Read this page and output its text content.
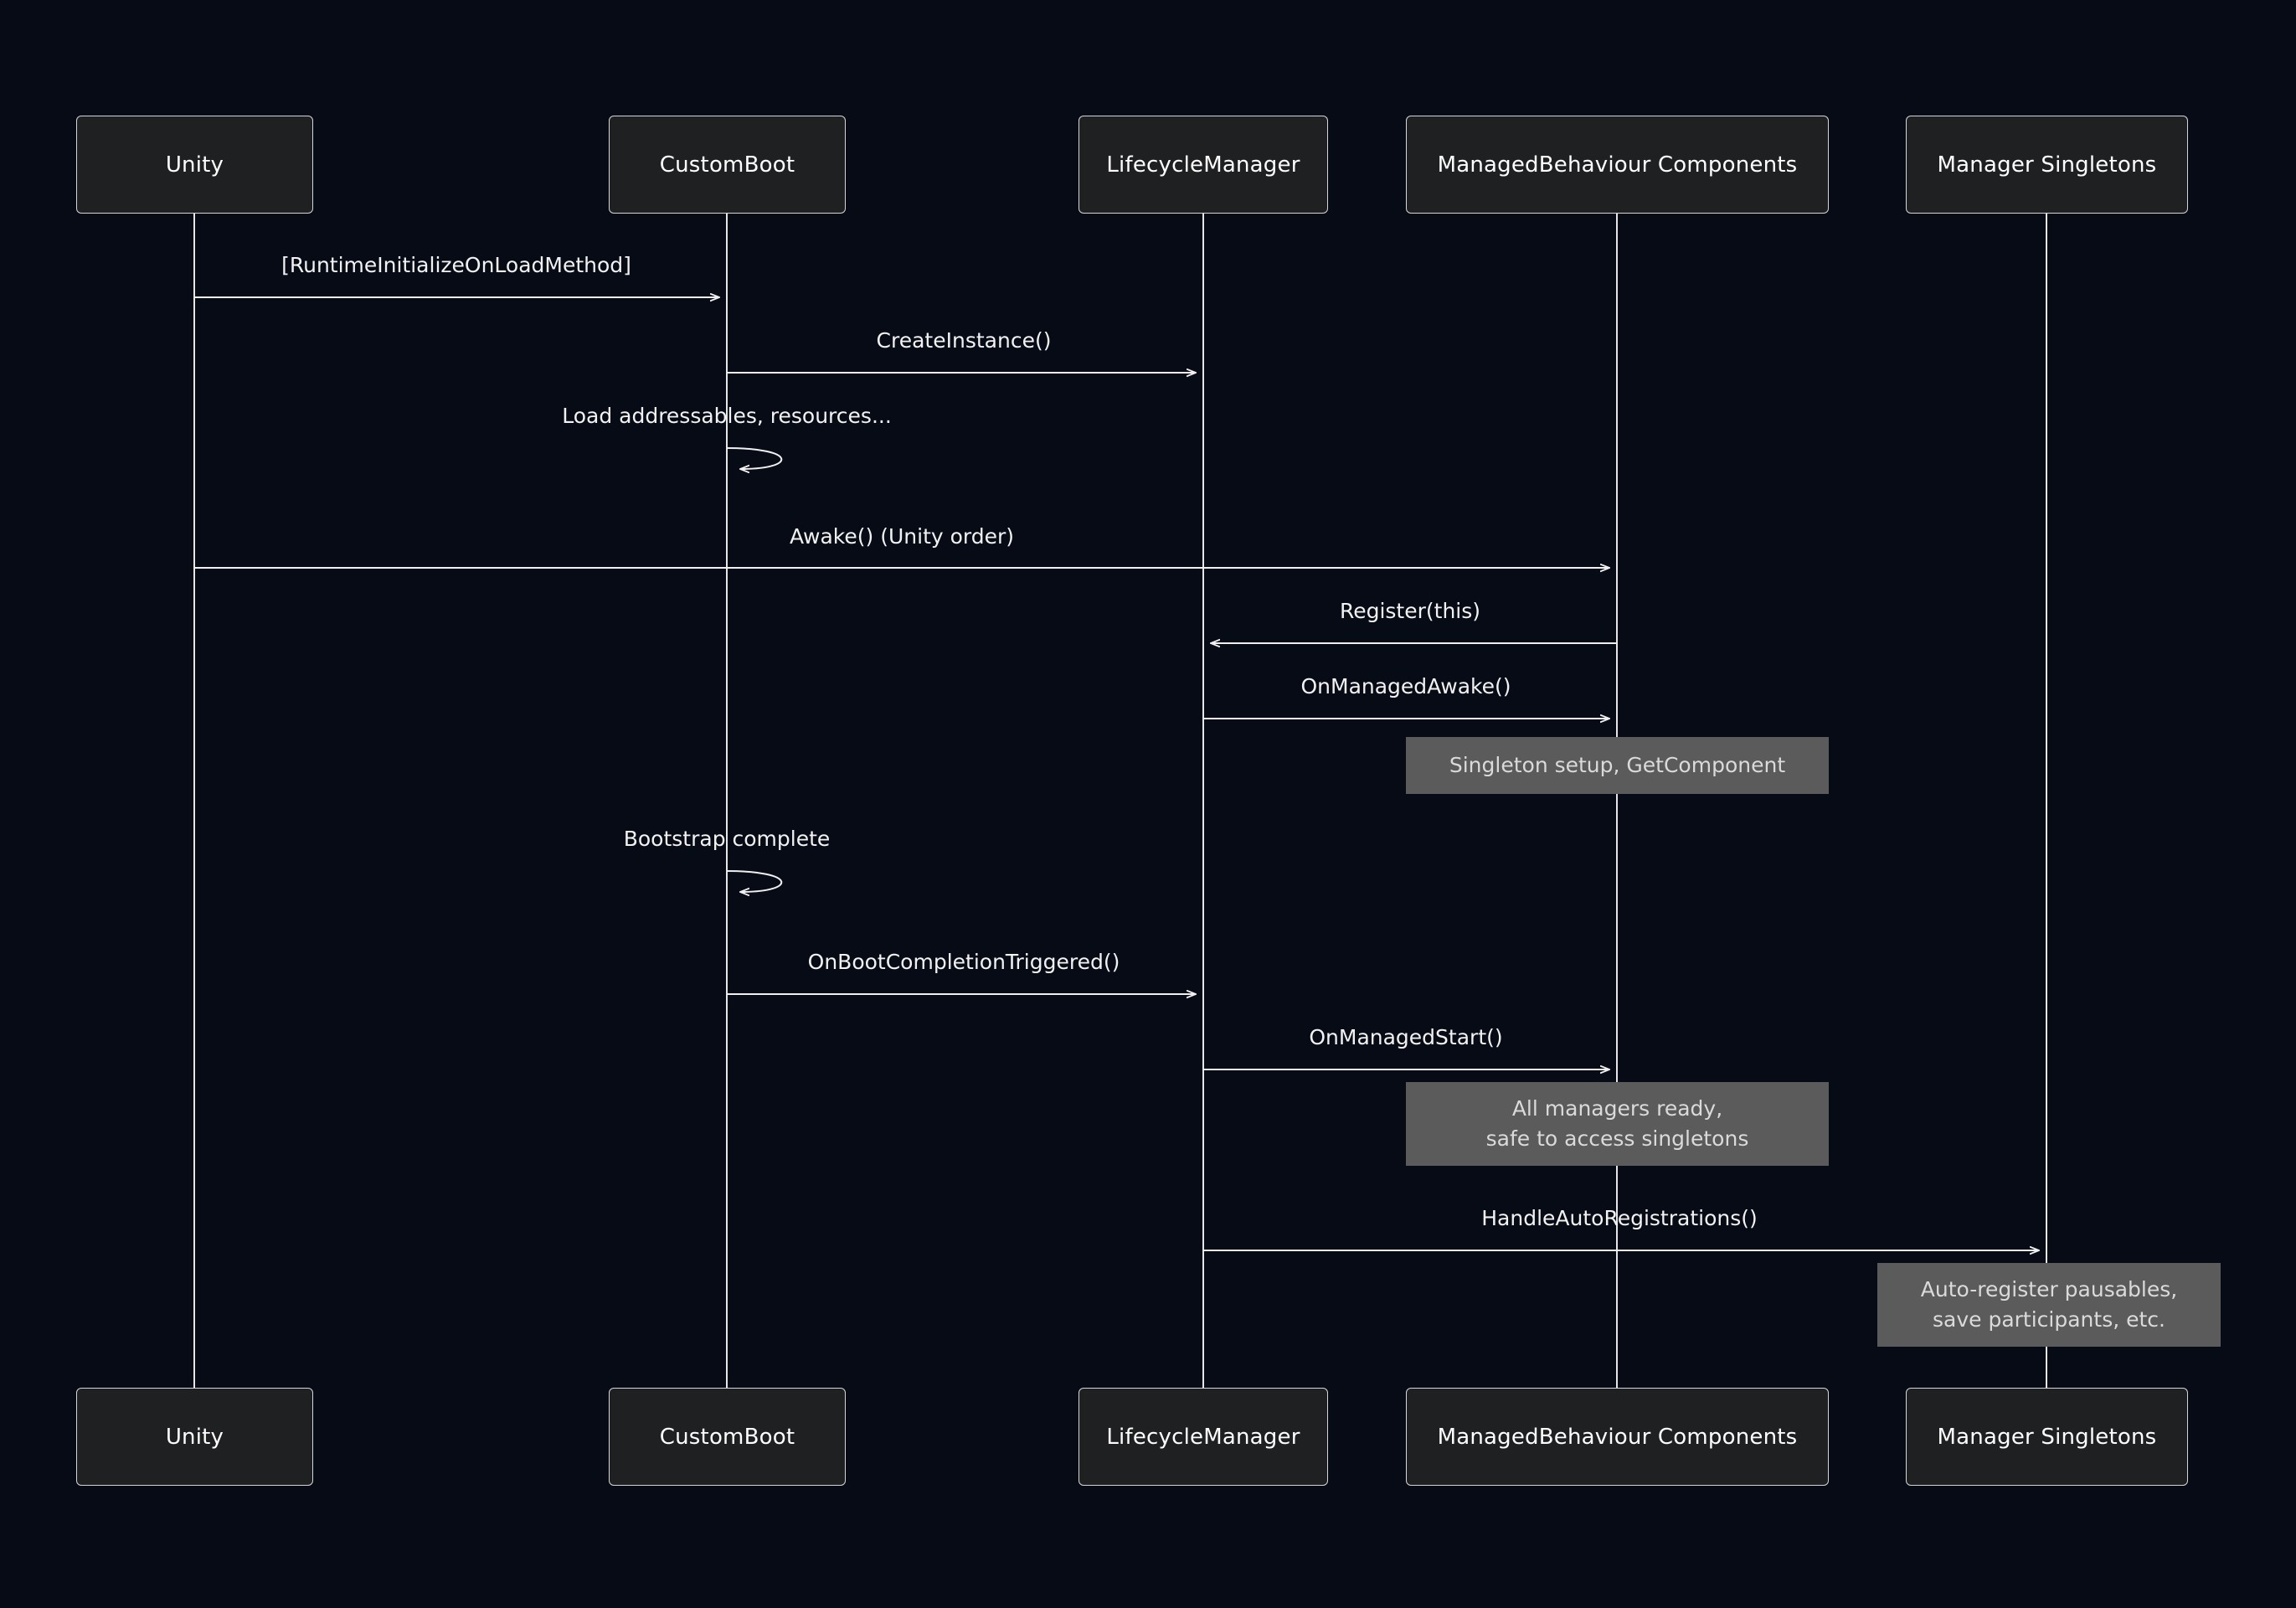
Unity	CustomBoot	LifecycleManager	ManagedBehaviour Components	Manager Singletons
Unity	CustomBoot	LifecycleManager	ManagedBehaviour Components	Manager Singletons
[RuntimeInitializeOnLoadMethod]
CreateInstance()
Load addressables, resources...
Awake() (Unity order)
Register(this)
OnManagedAwake()
Bootstrap complete
OnBootCompletionTriggered()
OnManagedStart()
HandleAutoRegistrations()
Singleton setup, GetComponent
All managers ready,
safe to access singletons
Auto-register pausables,
save participants, etc.
